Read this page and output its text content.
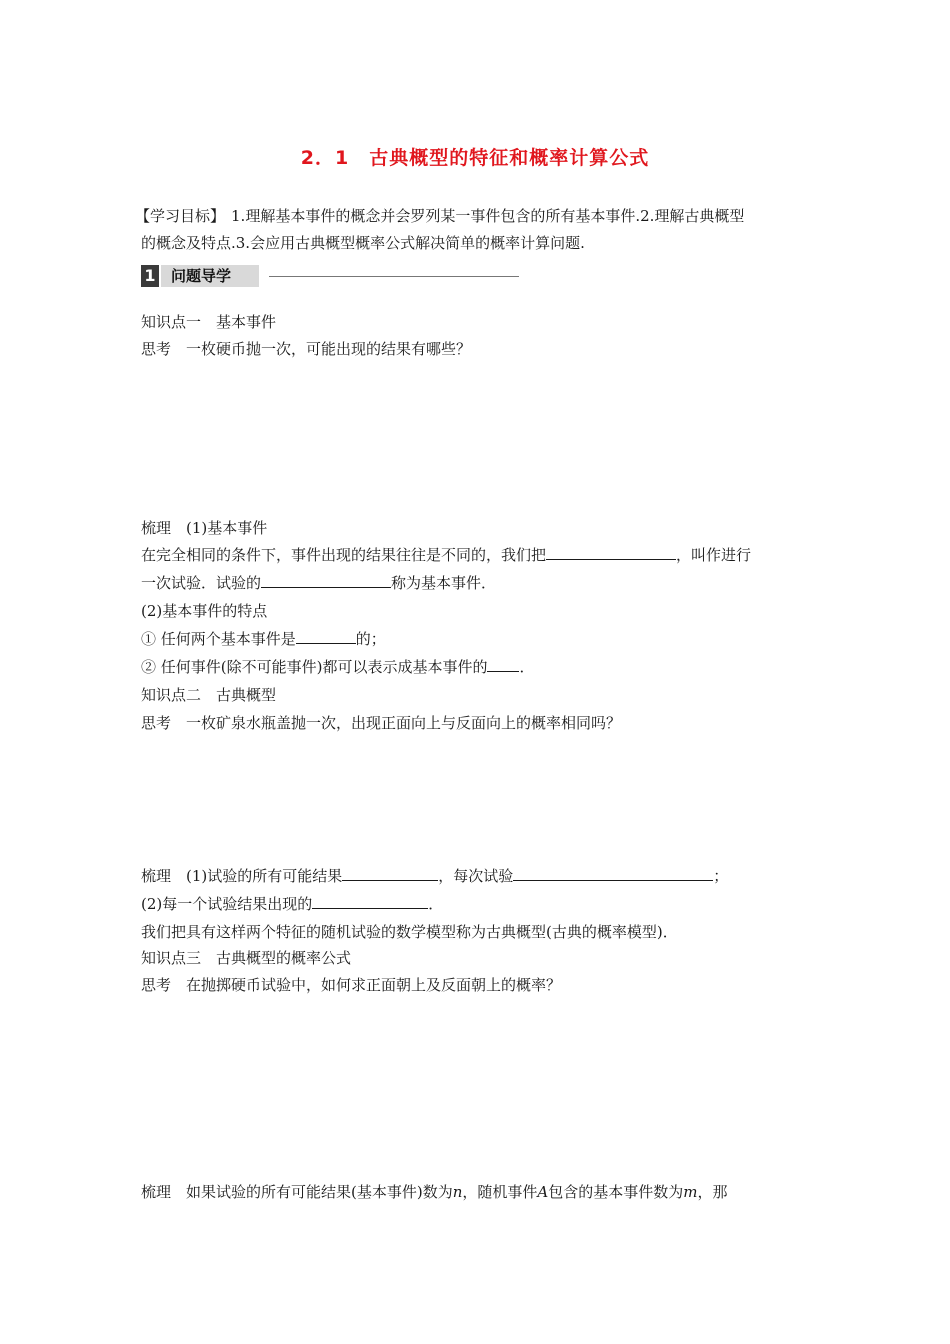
2．1 古典概型的特征和概率计算公式
【学习目标】 1.理解基本事件的概念并会罗列某一事件包含的所有基本事件.2.理解古典概型
的概念及特点.3.会应用古典概型概率公式解决简单的概率计算问题.
1	问题导学
知识点一　基本事件
思考 一枚硬币抛一次，可能出现的结果有哪些？
梳理 (1)基本事件
在完全相同的条件下，事件出现的结果往往是不同的，我们把	，叫作进行
一次试验．试验的	称为基本事件．
(2)基本事件的特点
① 任何两个基本事件是	的；
② 任何事件(除不可能事件)都可以表示成基本事件的 ．
知识点二　古典概型
思考 一枚矿泉水瓶盖抛一次，出现正面向上与反面向上的概率相同吗？
梳理 (1)试验的所有可能结果	，每次试验	；
(2)每一个试验结果出现的	．
我们把具有这样两个特征的随机试验的数学模型称为古典概型(古典的概率模型)．
知识点三　古典概型的概率公式
思考 在抛掷硬币试验中，如何求正面朝上及反面朝上的概率？
梳理 如果试验的所有可能结果(基本事件)数为n，随机事件A包含的基本事件数为m，那
